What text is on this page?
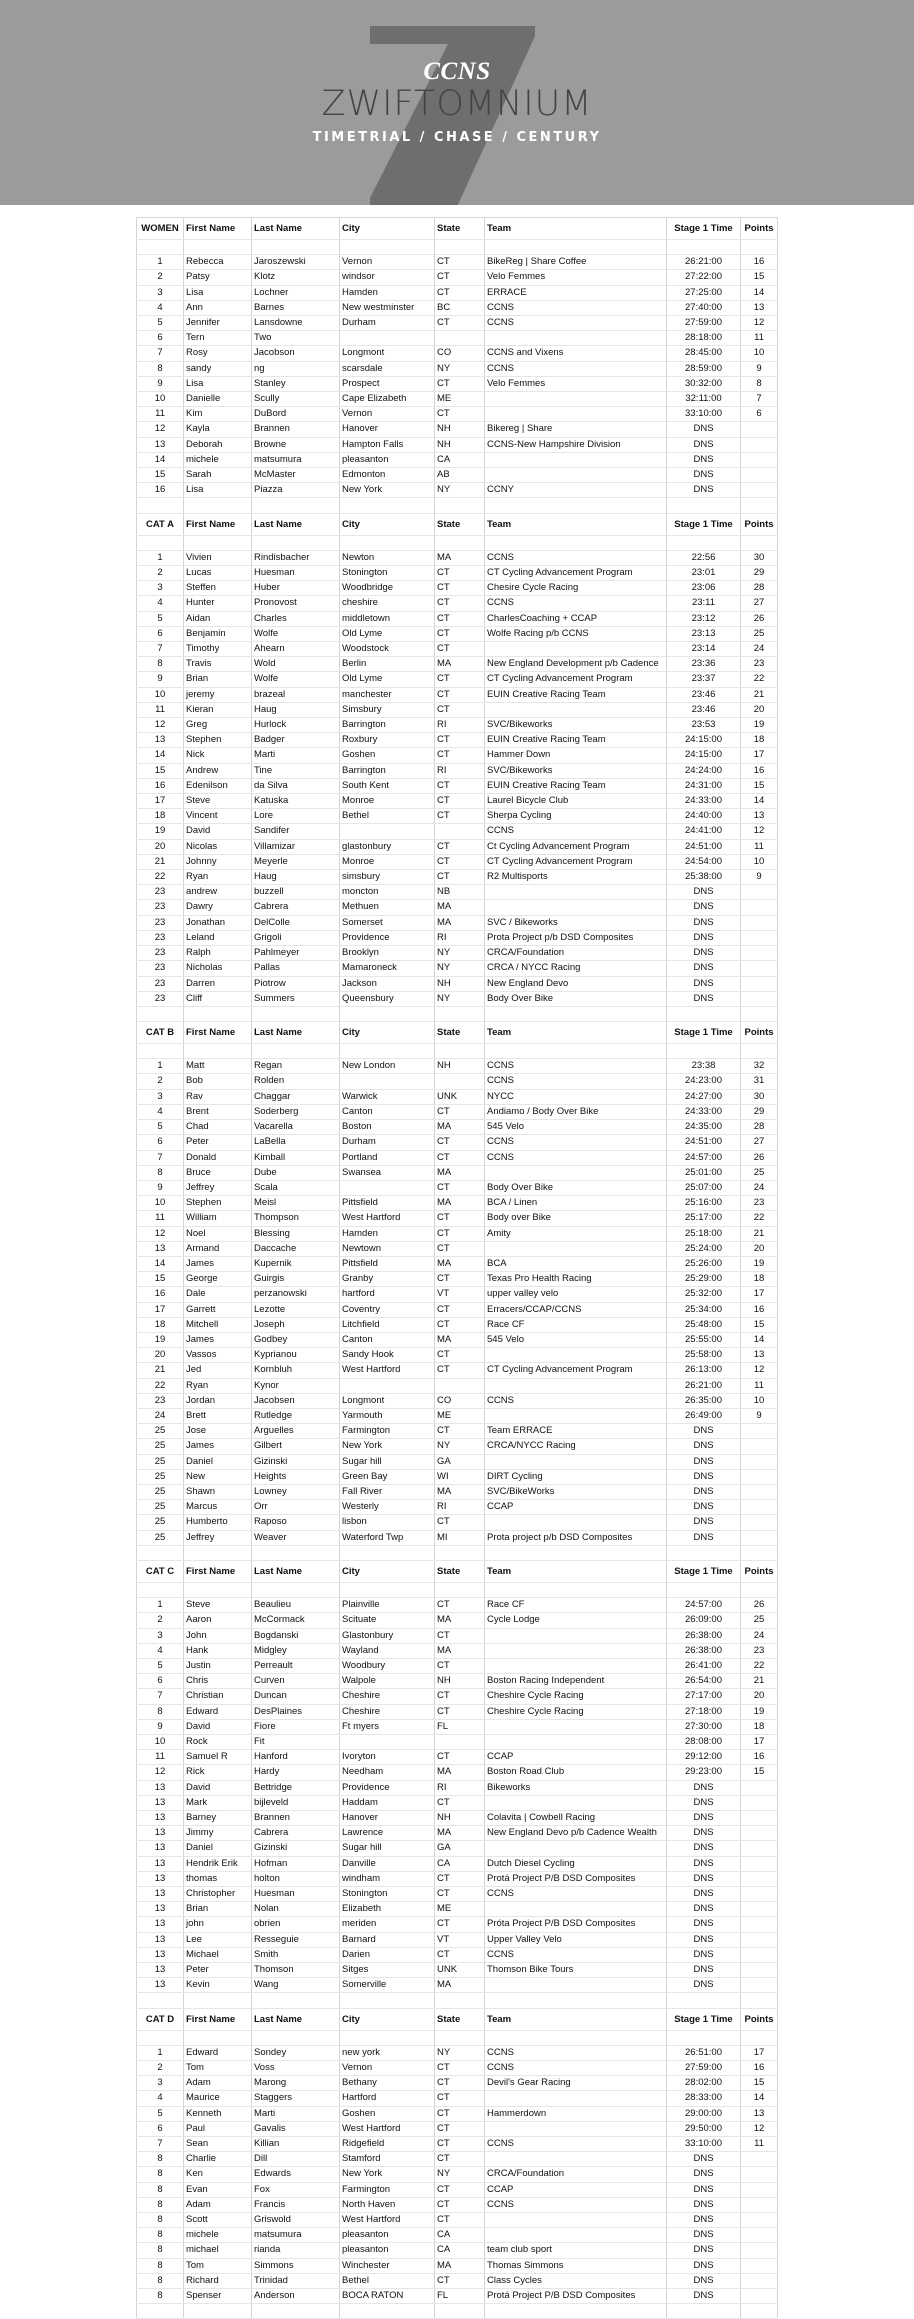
CCNS
ZWIFTOMNIUM
TIMETRIAL / CHASE / CENTURY
WOMEN	First Name	Last Name	City	State	Team	Stage 1 Time	Points

1	Rebecca	Jaroszewski	Vernon	CT	BikeReg | Share Coffee	26:21:00	16
2	Patsy	Klotz	windsor	CT	Velo Femmes	27:22:00	15
3	Lisa	Lochner	Hamden	CT	ERRACE	27:25:00	14
4	Ann	Barnes	New westminster	BC	CCNS	27:40:00	13
5	Jennifer	Lansdowne	Durham	CT	CCNS	27:59:00	12
6	Tern	Two				28:18:00	11
7	Rosy	Jacobson	Longmont	CO	CCNS and Vixens	28:45:00	10
8	sandy	ng	scarsdale	NY	CCNS	28:59:00	9
9	Lisa	Stanley	Prospect	CT	Velo Femmes	30:32:00	8
10	Danielle	Scully	Cape Elizabeth	ME		32:11:00	7
11	Kim	DuBord	Vernon	CT		33:10:00	6
12	Kayla	Brannen	Hanover	NH	Bikereg | Share	DNS	
13	Deborah	Browne	Hampton Falls	NH	CCNS-New Hampshire Division	DNS	
14	michele	matsumura	pleasanton	CA		DNS	
15	Sarah	McMaster	Edmonton	AB		DNS	
16	Lisa	Piazza	New York	NY	CCNY	DNS	

CAT A	First Name	Last Name	City	State	Team	Stage 1 Time	Points

1	Vivien	Rindisbacher	Newton	MA	CCNS	22:56	30
2	Lucas	Huesman	Stonington	CT	CT Cycling Advancement Program	23:01	29
3	Steffen	Huber	Woodbridge	CT	Chesire Cycle Racing	23:06	28
4	Hunter	Pronovost	cheshire	CT	CCNS	23:11	27
5	Aidan	Charles	middletown	CT	CharlesCoaching + CCAP	23:12	26
6	Benjamin	Wolfe	Old Lyme	CT	Wolfe Racing p/b CCNS	23:13	25
7	Timothy	Ahearn	Woodstock	CT		23:14	24
8	Travis	Wold	Berlin	MA	New England Development p/b Cadence	23:36	23
9	Brian	Wolfe	Old Lyme	CT	CT Cycling Advancement Program	23:37	22
10	jeremy	brazeal	manchester	CT	EUIN Creative Racing Team	23:46	21
11	Kieran	Haug	Simsbury	CT		23:46	20
12	Greg	Hurlock	Barrington	RI	SVC/Bikeworks	23:53	19
13	Stephen	Badger	Roxbury	CT	EUIN Creative Racing Team	24:15:00	18
14	Nick	Marti	Goshen	CT	Hammer Down	24:15:00	17
15	Andrew	Tine	Barrington	RI	SVC/Bikeworks	24:24:00	16
16	Edenilson	da Silva	South Kent	CT	EUIN Creative Racing Team	24:31:00	15
17	Steve	Katuska	Monroe	CT	Laurel Bicycle Club	24:33:00	14
18	Vincent	Lore	Bethel	CT	Sherpa Cycling	24:40:00	13
19	David	Sandifer			CCNS	24:41:00	12
20	Nicolas	Villamizar	glastonbury	CT	Ct Cycling Advancement Program	24:51:00	11
21	Johnny	Meyerle	Monroe	CT	CT Cycling Advancement Program	24:54:00	10
22	Ryan	Haug	simsbury	CT	R2 Multisports	25:38:00	9
23	andrew	buzzell	moncton	NB		DNS	
23	Dawry	Cabrera	Methuen	MA		DNS	
23	Jonathan	DelColle	Somerset	MA	SVC / Bikeworks	DNS	
23	Leland	Grigoli	Providence	RI	Prota Project p/b DSD Composites	DNS	
23	Ralph	Pahlmeyer	Brooklyn	NY	CRCA/Foundation	DNS	
23	Nicholas	Pallas	Mamaroneck	NY	CRCA / NYCC Racing	DNS	
23	Darren	Piotrow	Jackson	NH	New England Devo	DNS	
23	Cliff	Summers	Queensbury	NY	Body Over Bike	DNS	

CAT B	First Name	Last Name	City	State	Team	Stage 1 Time	Points

1	Matt	Regan	New London	NH	CCNS	23:38	32
2	Bob	Rolden			CCNS	24:23:00	31
3	Rav	Chaggar	Warwick	UNK	NYCC	24:27:00	30
4	Brent	Soderberg	Canton	CT	Andiamo / Body Over Bike	24:33:00	29
5	Chad	Vacarella	Boston	MA	545 Velo	24:35:00	28
6	Peter	LaBella	Durham	CT	CCNS	24:51:00	27
7	Donald	Kimball	Portland	CT	CCNS	24:57:00	26
8	Bruce	Dube	Swansea	MA		25:01:00	25
9	Jeffrey	Scala		CT	Body Over Bike	25:07:00	24
10	Stephen	Meisl	Pittsfield	MA	BCA / Linen	25:16:00	23
11	William	Thompson	West Hartford	CT	Body over Bike	25:17:00	22
12	Noel	Blessing	Hamden	CT	Amity	25:18:00	21
13	Armand	Daccache	Newtown	CT		25:24:00	20
14	James	Kupernik	Pittsfield	MA	BCA	25:26:00	19
15	George	Guirgis	Granby	CT	Texas Pro Health Racing	25:29:00	18
16	Dale	perzanowski	hartford	VT	upper valley velo	25:32:00	17
17	Garrett	Lezotte	Coventry	CT	Erracers/CCAP/CCNS	25:34:00	16
18	Mitchell	Joseph	Litchfield	CT	Race CF	25:48:00	15
19	James	Godbey	Canton	MA	545 Velo	25:55:00	14
20	Vassos	Kyprianou	Sandy Hook	CT		25:58:00	13
21	Jed	Kornbluh	West Hartford	CT	CT Cycling Advancement Program	26:13:00	12
22	Ryan	Kynor				26:21:00	11
23	Jordan	Jacobsen	Longmont	CO	CCNS	26:35:00	10
24	Brett	Rutledge	Yarmouth	ME		26:49:00	9
25	Jose	Arguelles	Farmington	CT	Team ERRACE	DNS	
25	James	Gilbert	New York	NY	CRCA/NYCC Racing	DNS	
25	Daniel	Gizinski	Sugar hill	GA		DNS	
25	New	Heights	Green Bay	WI	DIRT Cycling	DNS	
25	Shawn	Lowney	Fall River	MA	SVC/BikeWorks	DNS	
25	Marcus	Orr	Westerly	RI	CCAP	DNS	
25	Humberto	Raposo	lisbon	CT		DNS	
25	Jeffrey	Weaver	Waterford Twp	MI	Prota project p/b DSD Composites	DNS	

CAT C	First Name	Last Name	City	State	Team	Stage 1 Time	Points

1	Steve	Beaulieu	Plainville	CT	Race CF	24:57:00	26
2	Aaron	McCormack	Scituate	MA	Cycle Lodge	26:09:00	25
3	John	Bogdanski	Glastonbury	CT		26:38:00	24
4	Hank	Midgley	Wayland	MA		26:38:00	23
5	Justin	Perreault	Woodbury	CT		26:41:00	22
6	Chris	Curven	Walpole	NH	Boston Racing Independent	26:54:00	21
7	Christian	Duncan	Cheshire	CT	Cheshire Cycle Racing	27:17:00	20
8	Edward	DesPlaines	Cheshire	CT	Cheshire Cycle Racing	27:18:00	19
9	David	Fiore	Ft myers	FL		27:30:00	18
10	Rock	Fit				28:08:00	17
11	Samuel R	Hanford	Ivoryton	CT	CCAP	29:12:00	16
12	Rick	Hardy	Needham	MA	Boston Road Club	29:23:00	15
13	David	Bettridge	Providence	RI	Bikeworks	DNS	
13	Mark	bijleveld	Haddam	CT		DNS	
13	Barney	Brannen	Hanover	NH	Colavita | Cowbell Racing	DNS	
13	Jimmy	Cabrera	Lawrence	MA	New England Devo p/b Cadence Wealth	DNS	
13	Daniel	Gizinski	Sugar hill	GA		DNS	
13	Hendrik Erik	Hofman	Danville	CA	Dutch Diesel Cycling	DNS	
13	thomas	holton	windham	CT	Protá Project P/B DSD Composites	DNS	
13	Christopher	Huesman	Stonington	CT	CCNS	DNS	
13	Brian	Nolan	Elizabeth	ME		DNS	
13	john	obrien	meriden	CT	Próta Project P/B DSD Composites	DNS	
13	Lee	Resseguie	Barnard	VT	Upper Valley Velo	DNS	
13	Michael	Smith	Darien	CT	CCNS	DNS	
13	Peter	Thomson	Sitges	UNK	Thomson Bike Tours	DNS	
13	Kevin	Wang	Somerville	MA		DNS	

CAT D	First Name	Last Name	City	State	Team	Stage 1 Time	Points

1	Edward	Sondey	new york	NY	CCNS	26:51:00	17
2	Tom	Voss	Vernon	CT	CCNS	27:59:00	16
3	Adam	Marong	Bethany	CT	Devil's Gear Racing	28:02:00	15
4	Maurice	Staggers	Hartford	CT		28:33:00	14
5	Kenneth	Marti	Goshen	CT	Hammerdown	29:00:00	13
6	Paul	Gavalis	West Hartford	CT		29:50:00	12
7	Sean	Killian	Ridgefield	CT	CCNS	33:10:00	11
8	Charlie	Dill	Stamford	CT		DNS	
8	Ken	Edwards	New York	NY	CRCA/Foundation	DNS	
8	Evan	Fox	Farmington	CT	CCAP	DNS	
8	Adam	Francis	North Haven	CT	CCNS	DNS	
8	Scott	Griswold	West Hartford	CT		DNS	
8	michele	matsumura	pleasanton	CA		DNS	
8	michael	rianda	pleasanton	CA	team club sport	DNS	
8	Tom	Simmons	Winchester	MA	Thomas Simmons	DNS	
8	Richard	Trinidad	Bethel	CT	Class Cycles	DNS	
8	Spenser	Anderson	BOCA RATON	FL	Protá Project P/B DSD Composites	DNS	
